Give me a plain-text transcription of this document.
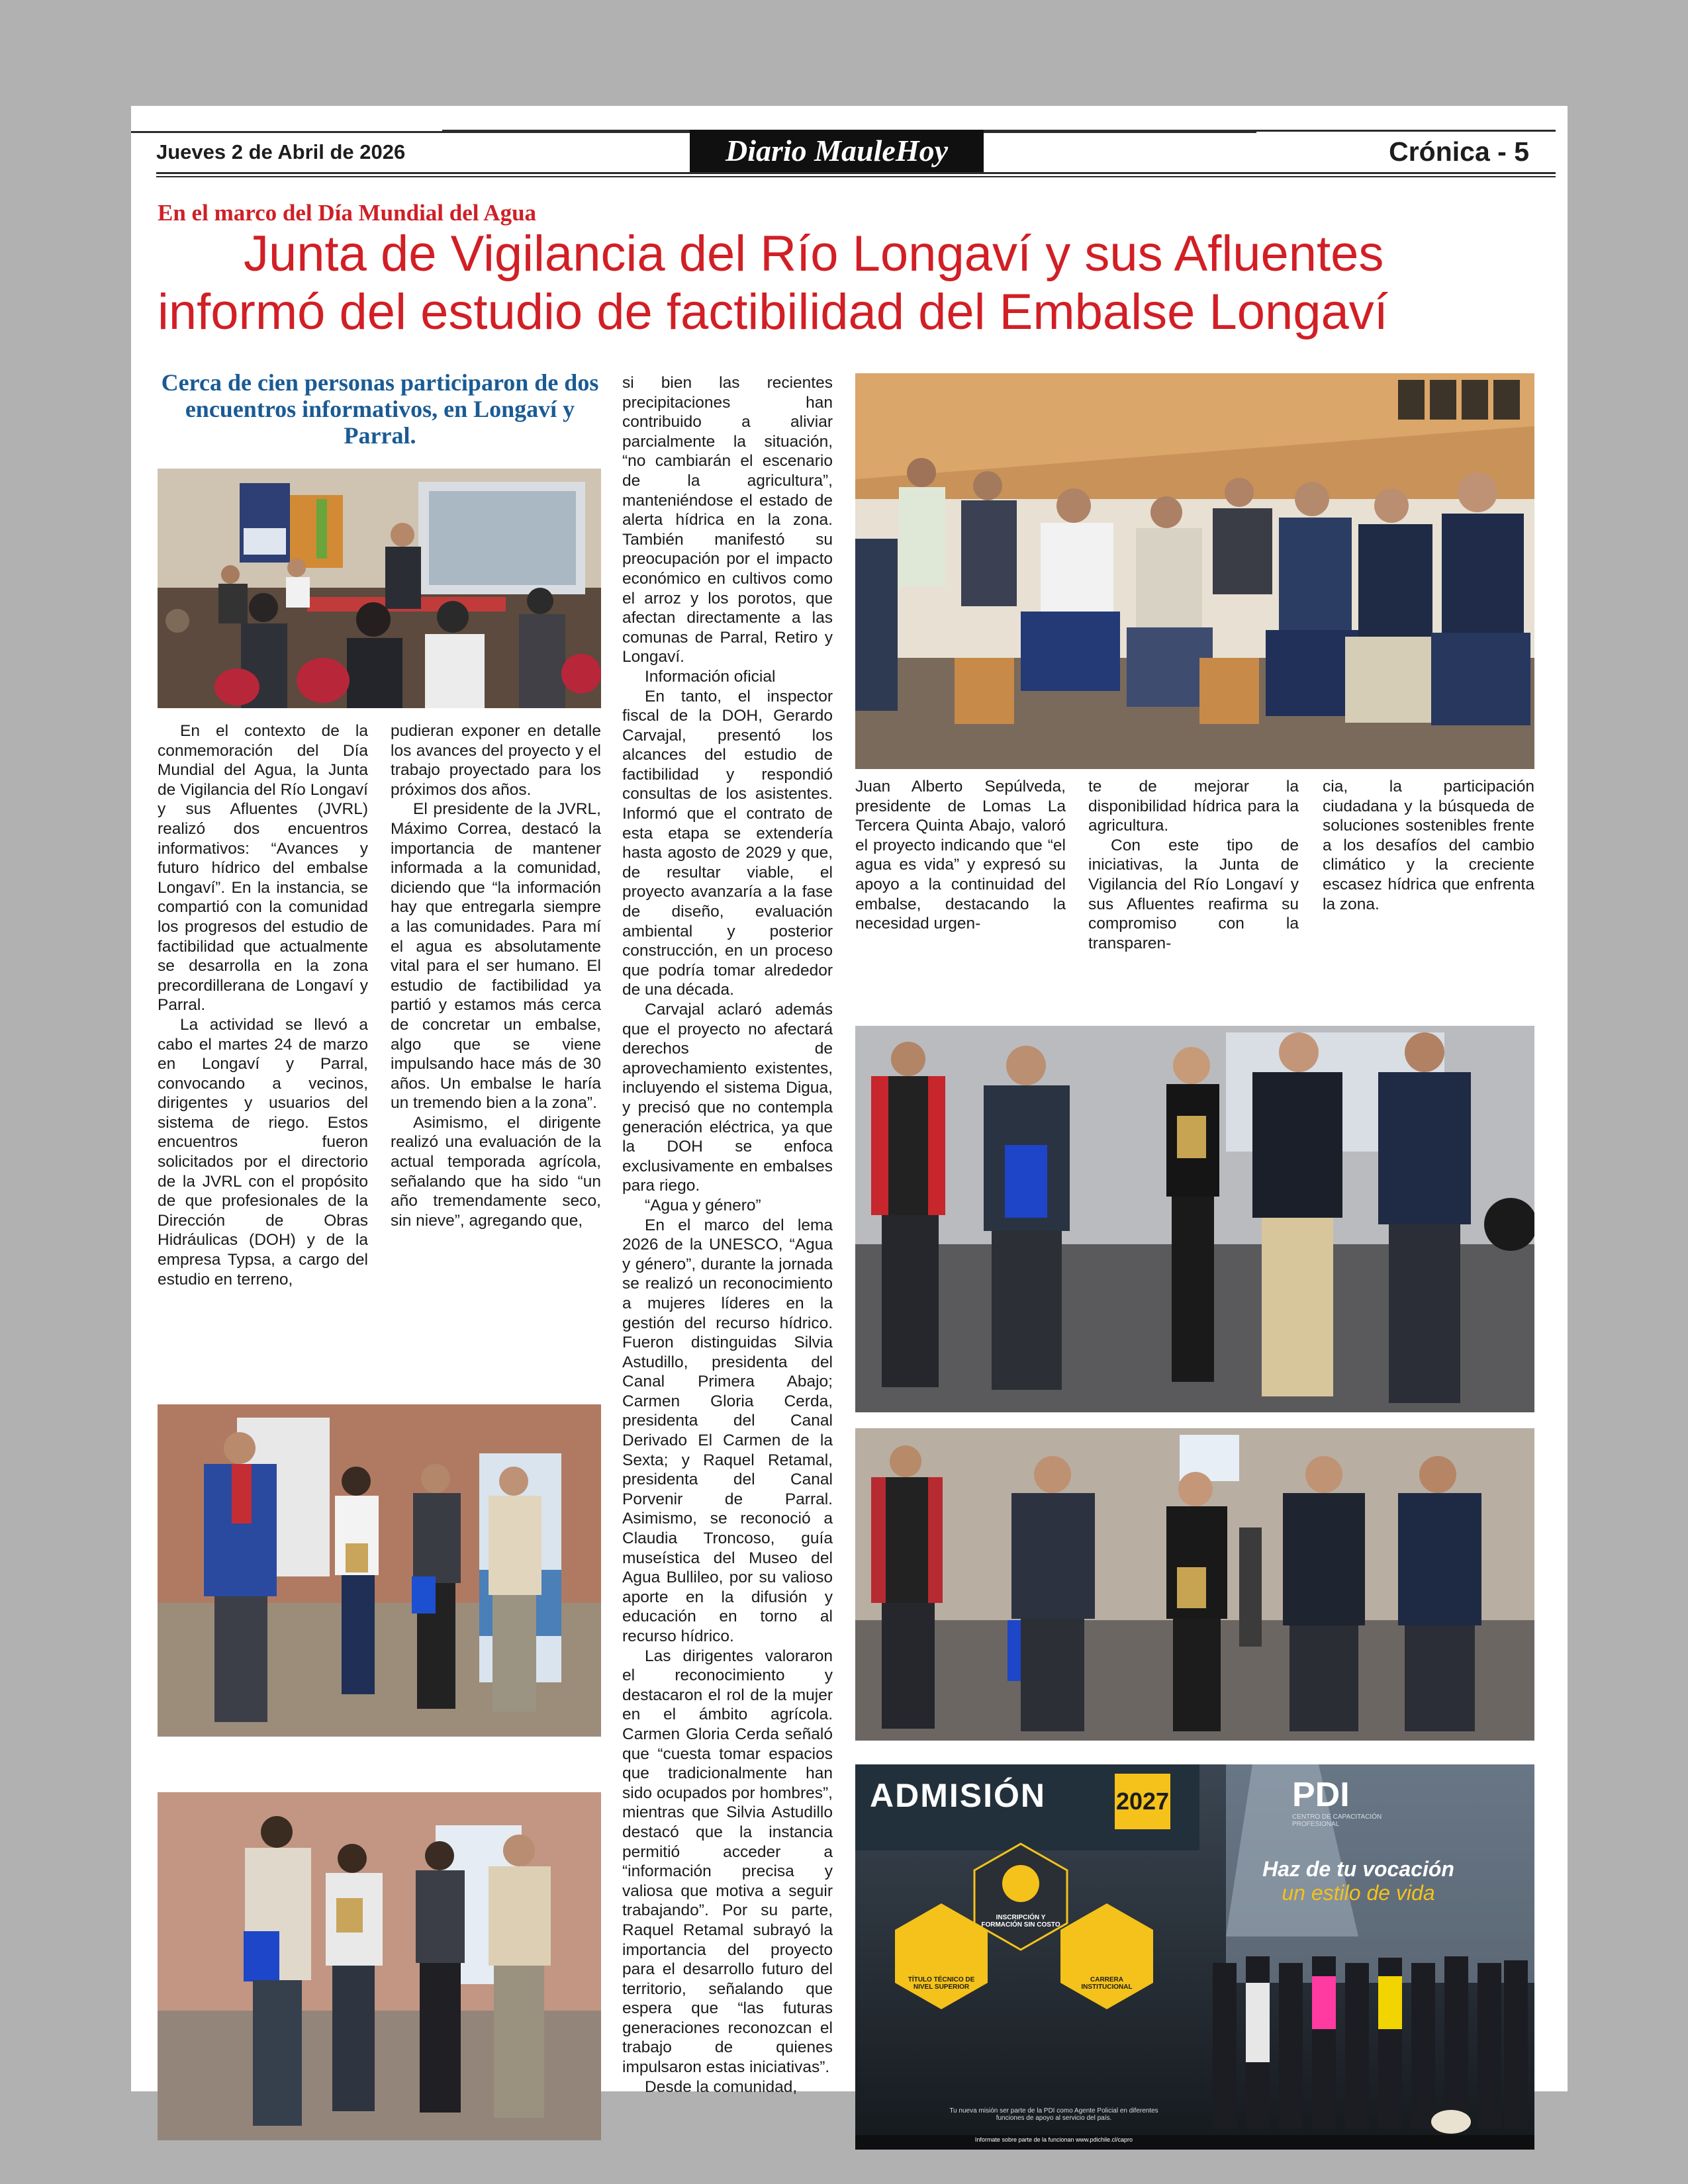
Jueves 2 de Abril de 2026	Diario MauleHoy	Crónica - 5
En el marco del Día Mundial del Agua
Junta de Vigilancia del Río Longaví y sus Afluentes
informó del estudio de factibilidad del Embalse Longaví
Cerca de cien personas participaron de dos encuentros informativos, en Longaví y Parral.

En el contexto de la conmemoración del Día Mundial del Agua, la Junta de Vigilancia del Río Longaví y sus Afluentes (JVRL) realizó dos encuentros informativos: “Avances y futuro hídrico del embalse Longaví”. En la instancia, se compartió con la comunidad los progresos del estudio de factibilidad que actualmente se desarrolla en la zona precordillerana de Longaví y Parral.

La actividad se llevó a cabo el martes 24 de marzo en Longaví y Parral, convocando a vecinos, dirigentes y usuarios del sistema de riego. Estos encuentros fueron solicitados por el directorio de la JVRL con el propósito de que profesionales de la Dirección de Obras Hidráulicas (DOH) y de la empresa Typsa, a cargo del estudio en terreno,

pudieran exponer en detalle los avances del proyecto y el trabajo proyectado para los próximos dos años.

El presidente de la JVRL, Máximo Correa, destacó la importancia de mantener informada a la comunidad, diciendo que “la información hay que entregarla siempre a las comunidades. Para mí el agua es absolutamente vital para el ser humano. El estudio de factibilidad ya partió y estamos más cerca de concretar un embalse, algo que se viene impulsando hace más de 30 años. Un embalse le haría un tremendo bien a la zona”.

Asimismo, el dirigente realizó una evaluación de la actual temporada agrícola, señalando que ha sido “un año tremendamente seco, sin nieve”, agregando que,

si bien las recientes precipitaciones han contribuido a aliviar parcialmente la situación, “no cambiarán el escenario de la agricultura”, manteniéndose el estado de alerta hídrica en la zona. También manifestó su preocupación por el impacto económico en cultivos como el arroz y los porotos, que afectan directamente a las comunas de Parral, Retiro y Longaví.

Información oficial

En tanto, el inspector fiscal de la DOH, Gerardo Carvajal, presentó los alcances del estudio de factibilidad y respondió consultas de los asistentes. Informó que el contrato de esta etapa se extendería hasta agosto de 2029 y que, de resultar viable, el proyecto avanzaría a la fase de diseño, evaluación ambiental y posterior construcción, en un proceso que podría tomar alrededor de una década.

Carvajal aclaró además que el proyecto no afectará derechos de aprovechamiento existentes, incluyendo el sistema Digua, y precisó que no contempla generación eléctrica, ya que la DOH se enfoca exclusivamente en embalses para riego.

“Agua y género”

En el marco del lema 2026 de la UNESCO, “Agua y género”, durante la jornada se realizó un reconocimiento a mujeres líderes en la gestión del recurso hídrico. Fueron distinguidas Silvia Astudillo, presidenta del Canal Primera Abajo; Carmen Gloria Cerda, presidenta del Canal Derivado El Carmen de la Sexta; y Raquel Retamal, presidenta del Canal Porvenir de Parral. Asimismo, se reconoció a Claudia Troncoso, guía museística del Museo del Agua Bullileo, por su valioso aporte en la difusión y educación en torno al recurso hídrico.

Las dirigentes valoraron el reconocimiento y destacaron el rol de la mujer en el ámbito agrícola. Carmen Gloria Cerda señaló que “cuesta tomar espacios que tradicionalmente han sido ocupados por hombres”, mientras que Silvia Astudillo destacó que la instancia permitió acceder a “información precisa y valiosa que motiva a seguir trabajando”. Por su parte, Raquel Retamal subrayó la importancia del proyecto para el desarrollo futuro del territorio, señalando que espera que “las futuras generaciones reconozcan el trabajo de quienes impulsaron estas iniciativas”.

Desde la comunidad,

Juan Alberto Sepúlveda, presidente de Lomas La Tercera Quinta Abajo, valoró el proyecto indicando que “el agua es vida” y expresó su apoyo a la continuidad del embalse, destacando la necesidad urgen-

te de mejorar la disponibilidad hídrica para la agricultura.

Con este tipo de iniciativas, la Junta de Vigilancia del Río Longaví y sus Afluentes reafirma su compromiso con la transparen-

cia, la participación ciudadana y la búsqueda de soluciones sostenibles frente a los desafíos del cambio climático y la creciente escasez hídrica que enfrenta la zona.

ADMISIÓN	2027	PDI
CENTRO DE CAPACITACIÓN PROFESIONAL
Haz de tu vocación
un estilo de vida
INSCRIPCIÓN Y FORMACIÓN SIN COSTO
TÍTULO TÉCNICO DE NIVEL SUPERIOR
CARRERA INSTITUCIONAL
Tu nueva misión ser parte de la PDI como Agente Policial en diferentes funciones de apoyo al servicio del país.
Informate sobre parte de la funcionan www.pdichile.cl/capro
